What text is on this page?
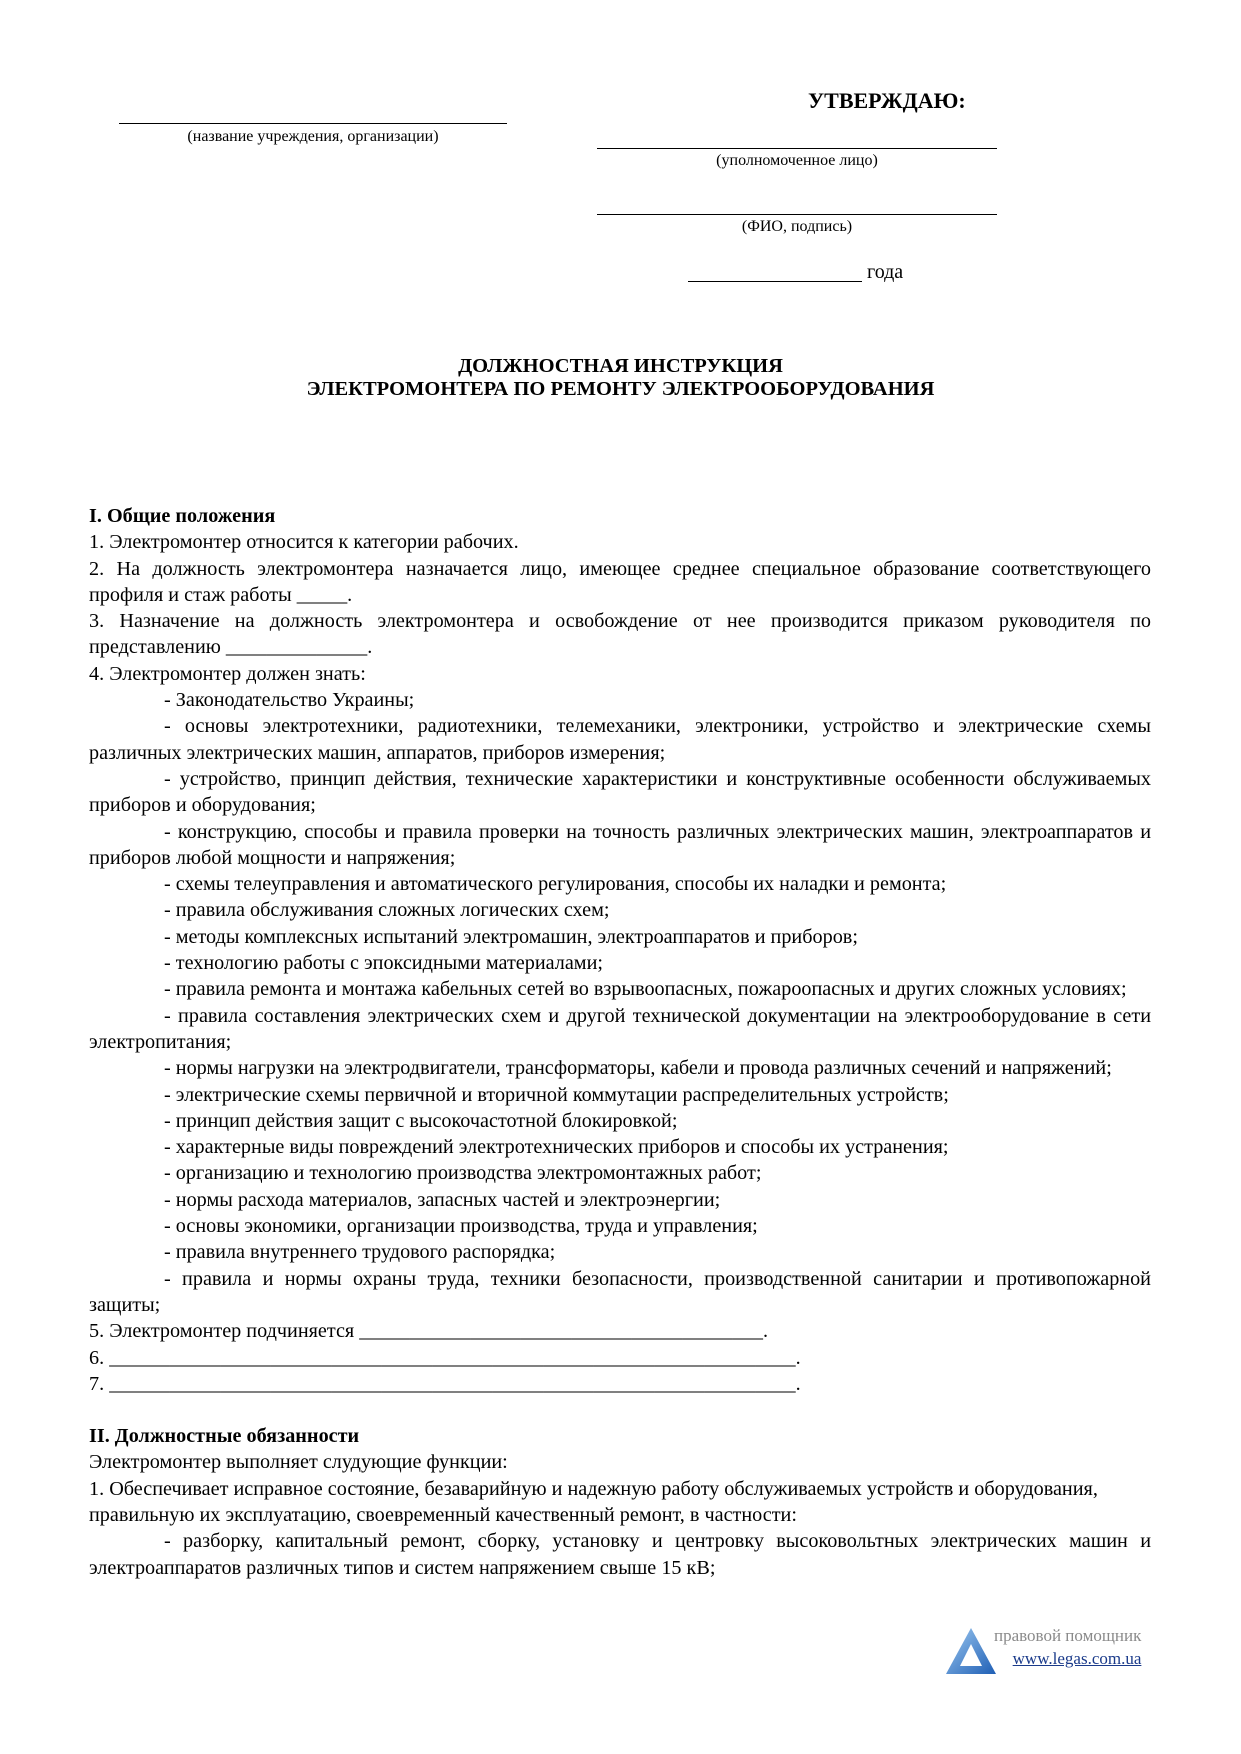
УТВЕРЖДАЮ:
(название учреждения, организации)
(уполномоченное лицо)
(ФИО, подпись)
года
ДОЛЖНОСТНАЯ ИНСТРУКЦИЯ
ЭЛЕКТРОМОНТЕРА ПО РЕМОНТУ ЭЛЕКТРООБОРУДОВАНИЯ
I. Общие положения

1. Электромонтер относится к категории рабочих.

2. На должность электромонтера назначается лицо, имеющее среднее специальное образование соответствующего профиля и стаж работы _____.

3. Назначение на должность электромонтера и освобождение от нее производится приказом руководителя по представлению ______________.

4. Электромонтер должен знать:

- Законодательство Украины;

- основы электротехники, радиотехники, телемеханики, электроники, устройство и электрические схемы различных электрических машин, аппаратов, приборов измерения;

- устройство, принцип действия, технические характеристики и конструктивные особенности обслуживаемых приборов и оборудования;

- конструкцию, способы и правила проверки на точность различных электрических машин, электроаппаратов и приборов любой мощности и напряжения;

- схемы телеуправления и автоматического регулирования, способы их наладки и ремонта;

- правила обслуживания сложных логических схем;

- методы комплексных испытаний электромашин, электроаппаратов и приборов;

- технологию работы с эпоксидными материалами;

- правила ремонта и монтажа кабельных сетей во взрывоопасных, пожароопасных и других сложных условиях;

- правила составления электрических схем и другой технической документации на электрооборудование в сети электропитания;

- нормы нагрузки на электродвигатели, трансформаторы, кабели и провода различных сечений и напряжений;

- электрические схемы первичной и вторичной коммутации распределительных устройств;

- принцип действия защит с высокочастотной блокировкой;

- характерные виды повреждений электротехнических приборов и способы их устранения;

- организацию и технологию производства электромонтажных работ;

- нормы расхода материалов, запасных частей и электроэнергии;

- основы экономики, организации производства, труда и управления;

- правила внутреннего трудового распорядка;

- правила и нормы охраны труда, техники безопасности, производственной санитарии и противопожарной защиты;

5. Электромонтер подчиняется ________________________________________.

6. ____________________________________________________________________.

7. ____________________________________________________________________.

II. Должностные обязанности

Электромонтер выполняет слудующие функции:

1. Обеспечивает исправное состояние, безаварийную и надежную работу обслуживаемых устройств и оборудования, правильную их эксплуатацию, своевременный качественный ремонт, в частности:

- разборку, капитальный ремонт, сборку, установку и центровку высоковольтных электрических машин и электроаппаратов различных типов и систем напряжением свыше 15 кВ;

правовой помощник
www.legas.com.ua
